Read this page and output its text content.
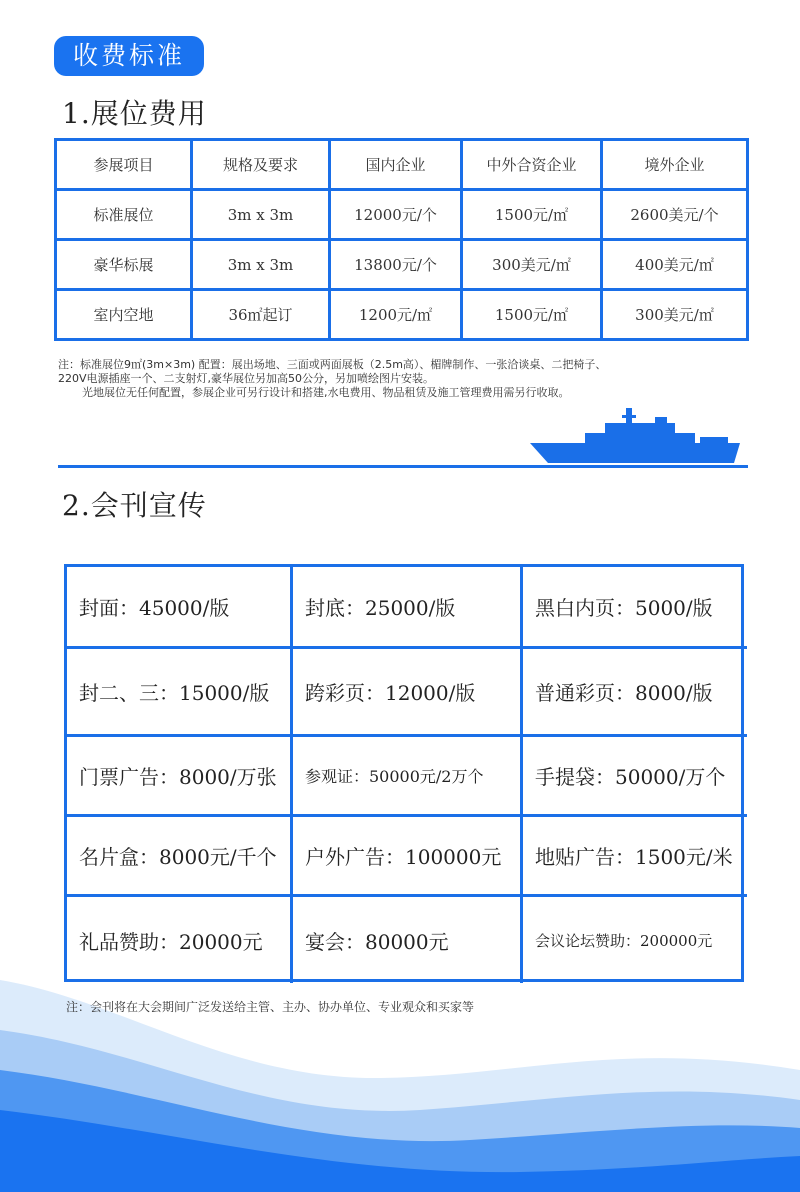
收费标准
1.展位费用
参展项目	规格及要求	国内企业	中外合资企业	境外企业
标准展位	3m x 3m	12000元/个	1500元/㎡	2600美元/个
豪华标展	3m x 3m	13800元/个	300美元/㎡	400美元/㎡
室内空地	36㎡起订	1200元/㎡	1500元/㎡	300美元/㎡
注：标准展位9㎡(3m×3m) 配置：展出场地、三面或两面展板（2.5m高）、楣牌制作、一张洽谈桌、二把椅子、
220V电源插座一个、二支射灯,豪华展位另加高50公分，另加喷绘图片安装。
光地展位无任何配置，参展企业可另行设计和搭建,水电费用、物品租赁及施工管理费用需另行收取。
2.会刊宣传
封面：45000/版	封底：25000/版	黑白内页：5000/版
封二、三：15000/版	跨彩页：12000/版	普通彩页：8000/版
门票广告：8000/万张	参观证：50000元/2万个	手提袋：50000/万个
名片盒：8000元/千个	户外广告：100000元	地贴广告：1500元/米
礼品赞助：20000元	宴会：80000元	会议论坛赞助：200000元
注：会刊将在大会期间广泛发送给主管、主办、协办单位、专业观众和买家等
